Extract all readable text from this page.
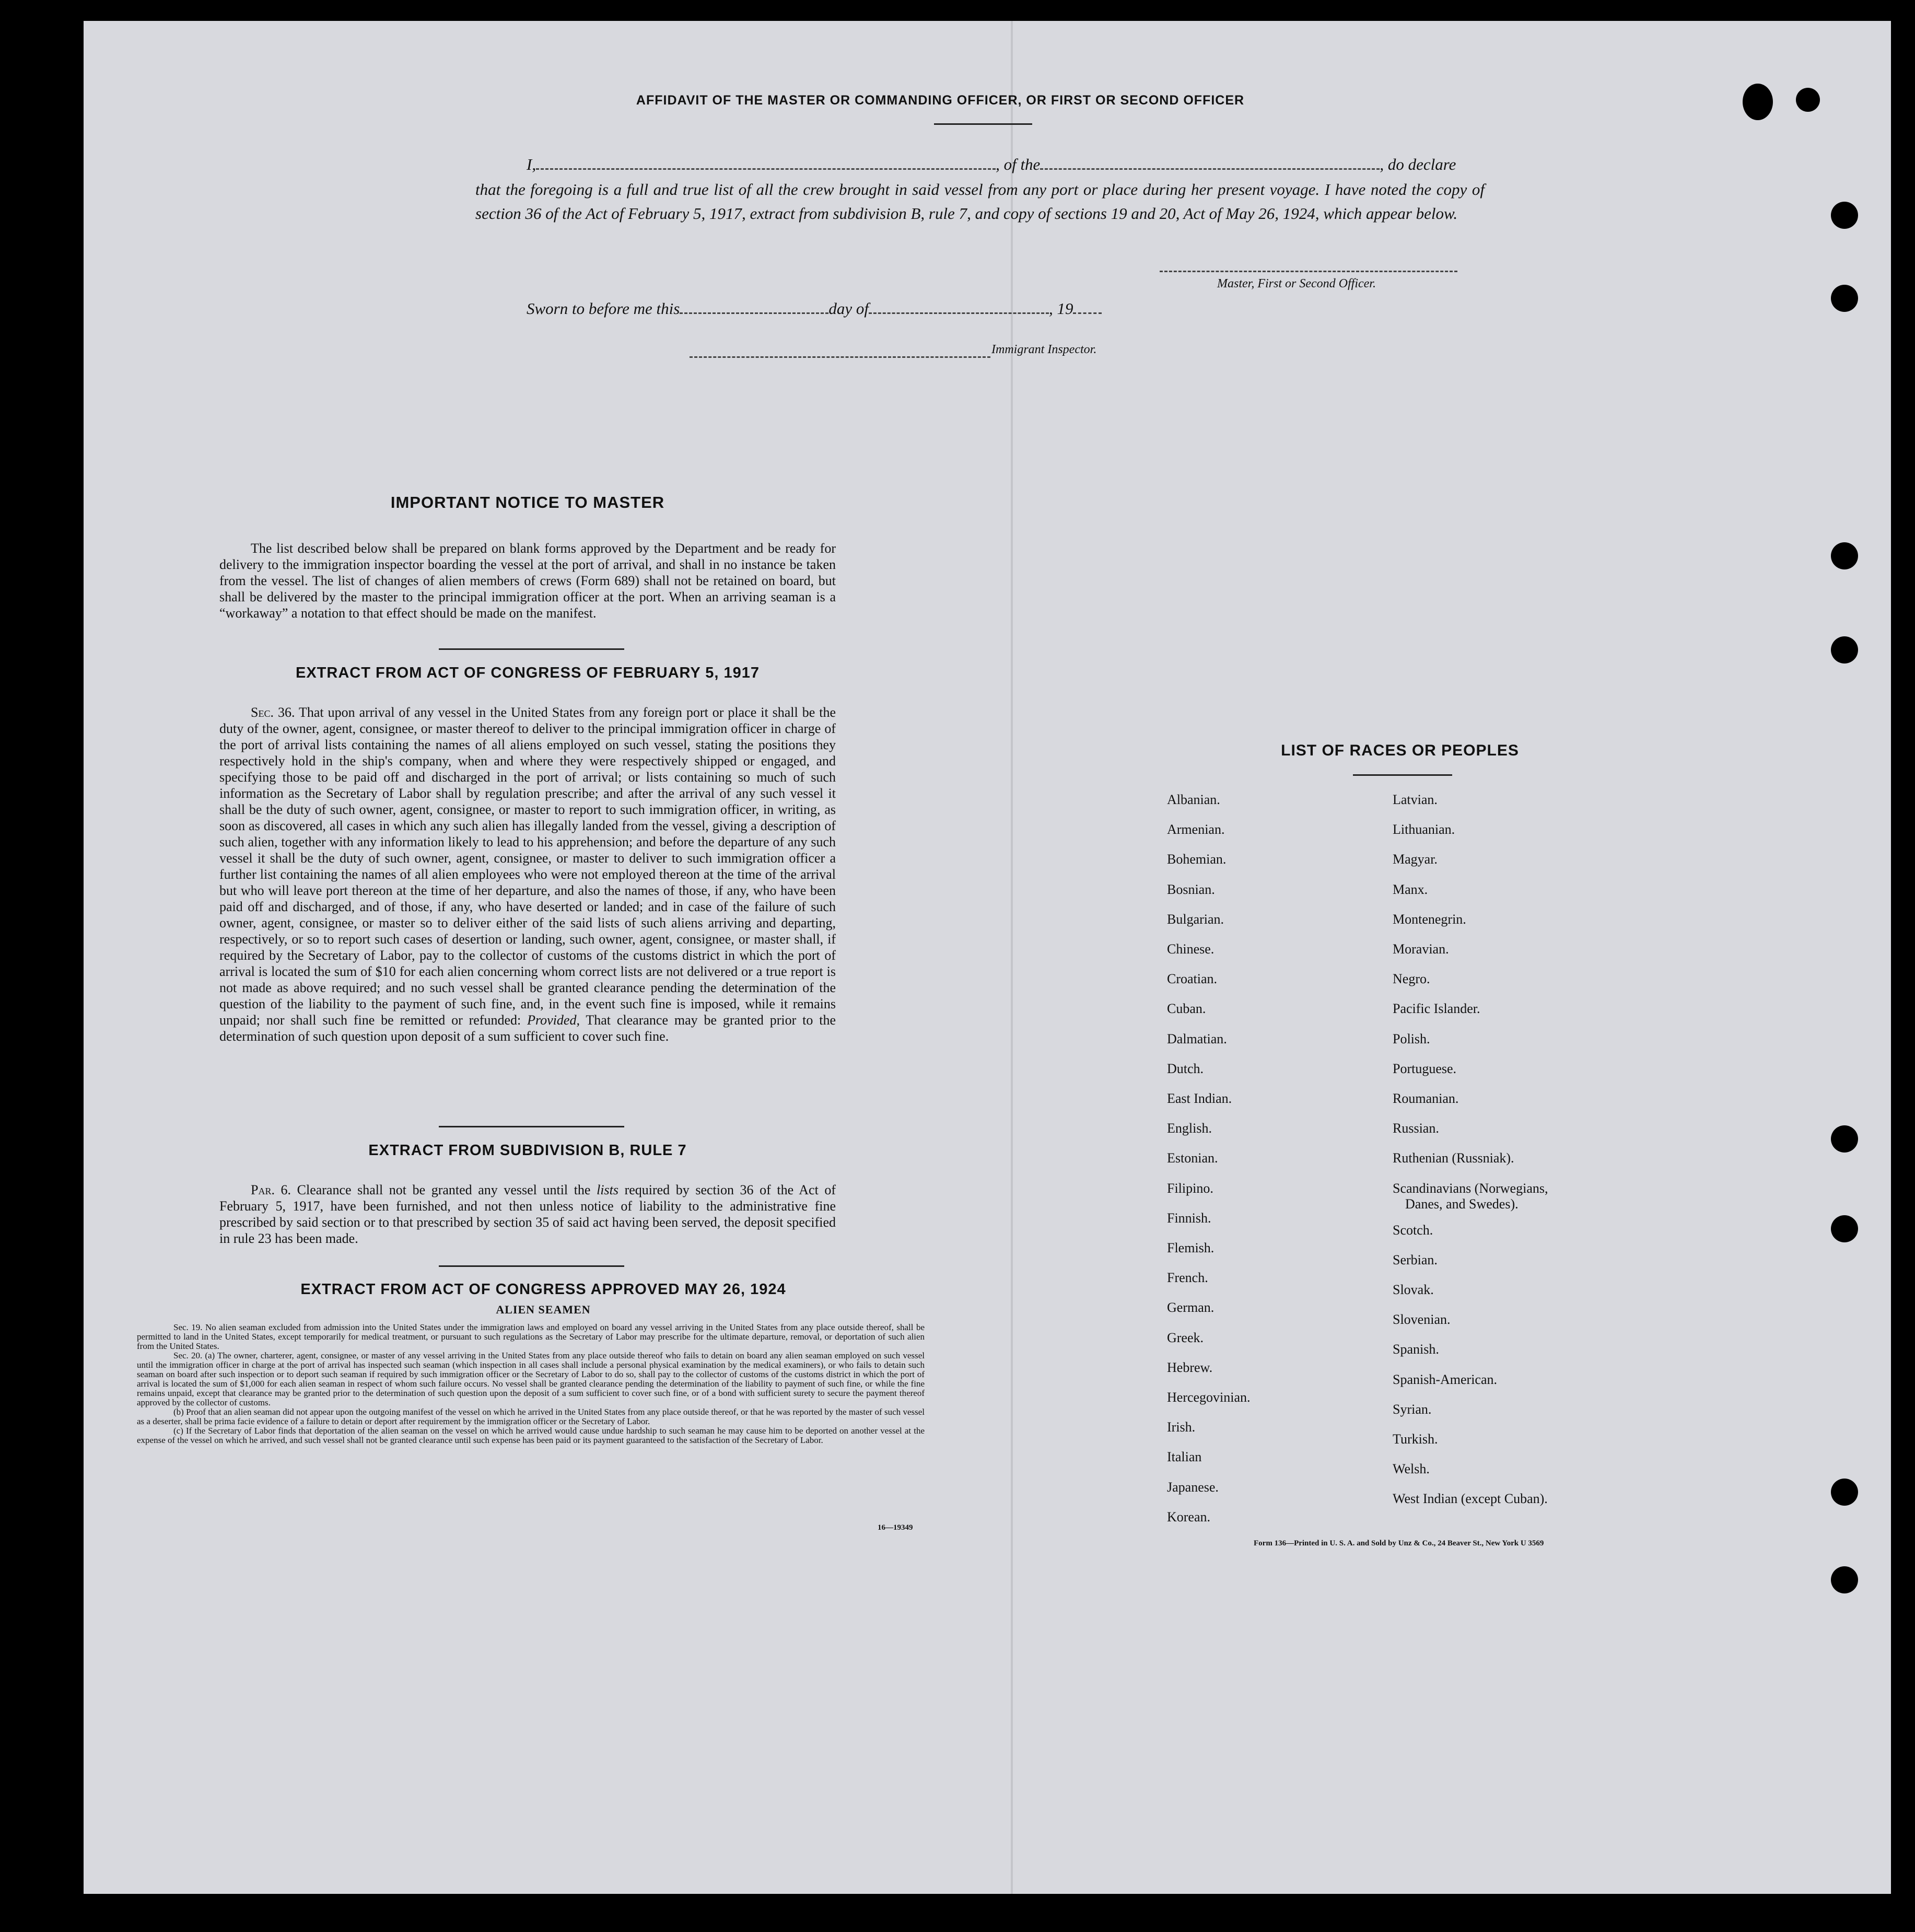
AFFIDAVIT OF THE MASTER OR COMMANDING OFFICER, OR FIRST OR SECOND OFFICER
I,	, of the	, do declare
that the foregoing is a full and true list of all the crew brought in said vessel from any port or place during her present voyage. I have noted the copy of section 36 of the Act of February 5, 1917, extract from subdivision B, rule 7, and copy of sections 19 and 20, Act of May 26, 1924, which appear below.
Master, First or Second Officer.
Sworn to before me this	day of	, 19
Immigrant Inspector.
IMPORTANT NOTICE TO MASTER
The list described below shall be prepared on blank forms approved by the Department and be ready for delivery to the immigration inspector boarding the vessel at the port of arrival, and shall in no instance be taken from the vessel. The list of changes of alien members of crews (Form 689) shall not be retained on board, but shall be delivered by the master to the principal immigration officer at the port. When an arriving seaman is a “workaway” a notation to that effect should be made on the manifest.
EXTRACT FROM ACT OF CONGRESS OF FEBRUARY 5, 1917
Sec. 36. That upon arrival of any vessel in the United States from any foreign port or place it shall be the duty of the owner, agent, consignee, or master thereof to deliver to the principal immigration officer in charge of the port of arrival lists containing the names of all aliens employed on such vessel, stating the positions they respectively hold in the ship's company, when and where they were respectively shipped or engaged, and specifying those to be paid off and discharged in the port of arrival; or lists containing so much of such information as the Secretary of Labor shall by regulation prescribe; and after the arrival of any such vessel it shall be the duty of such owner, agent, consignee, or master to report to such immigration officer, in writing, as soon as discovered, all cases in which any such alien has illegally landed from the vessel, giving a description of such alien, together with any information likely to lead to his apprehension; and before the departure of any such vessel it shall be the duty of such owner, agent, consignee, or master to deliver to such immigration officer a further list containing the names of all alien employees who were not employed thereon at the time of the arrival but who will leave port thereon at the time of her departure, and also the names of those, if any, who have been paid off and discharged, and of those, if any, who have deserted or landed; and in case of the failure of such owner, agent, consignee, or master so to deliver either of the said lists of such aliens arriving and departing, respectively, or so to report such cases of desertion or landing, such owner, agent, consignee, or master shall, if required by the Secretary of Labor, pay to the collector of customs of the customs district in which the port of arrival is located the sum of $10 for each alien concerning whom correct lists are not delivered or a true report is not made as above required; and no such vessel shall be granted clearance pending the determination of the question of the liability to the payment of such fine, and, in the event such fine is imposed, while it remains unpaid; nor shall such fine be remitted or refunded: Provided, That clearance may be granted prior to the determination of such question upon deposit of a sum sufficient to cover such fine.
EXTRACT FROM SUBDIVISION B, RULE 7
Par. 6. Clearance shall not be granted any vessel until the lists required by section 36 of the Act of February 5, 1917, have been furnished, and not then unless notice of liability to the administrative fine prescribed by said section or to that prescribed by section 35 of said act having been served, the deposit specified in rule 23 has been made.
EXTRACT FROM ACT OF CONGRESS APPROVED MAY 26, 1924
ALIEN SEAMEN
Sec. 19. No alien seaman excluded from admission into the United States under the immigration laws and employed on board any vessel arriving in the United States from any place outside thereof, shall be permitted to land in the United States, except temporarily for medical treatment, or pursuant to such regulations as the Secretary of Labor may prescribe for the ultimate departure, removal, or deportation of such alien from the United States.
Sec. 20. (a) The owner, charterer, agent, consignee, or master of any vessel arriving in the United States from any place outside thereof who fails to detain on board any alien seaman employed on such vessel until the immigration officer in charge at the port of arrival has inspected such seaman (which inspection in all cases shall include a personal physical examination by the medical examiners), or who fails to detain such seaman on board after such inspection or to deport such seaman if required by such immigration officer or the Secretary of Labor to do so, shall pay to the collector of customs of the customs district in which the port of arrival is located the sum of $1,000 for each alien seaman in respect of whom such failure occurs. No vessel shall be granted clearance pending the determination of the liability to payment of such fine, or while the fine remains unpaid, except that clearance may be granted prior to the determination of such question upon the deposit of a sum sufficient to cover such fine, or of a bond with sufficient surety to secure the payment thereof approved by the collector of customs.
(b) Proof that an alien seaman did not appear upon the outgoing manifest of the vessel on which he arrived in the United States from any place outside thereof, or that he was reported by the master of such vessel as a deserter, shall be prima facie evidence of a failure to detain or deport after requirement by the immigration officer or the Secretary of Labor.
(c) If the Secretary of Labor finds that deportation of the alien seaman on the vessel on which he arrived would cause undue hardship to such seaman he may cause him to be deported on another vessel at the expense of the vessel on which he arrived, and such vessel shall not be granted clearance until such expense has been paid or its payment guaranteed to the satisfaction of the Secretary of Labor.
16—19349
LIST OF RACES OR PEOPLES
Albanian.
Armenian.
Bohemian.
Bosnian.
Bulgarian.
Chinese.
Croatian.
Cuban.
Dalmatian.
Dutch.
East Indian.
English.
Estonian.
Filipino.
Finnish.
Flemish.
French.
German.
Greek.
Hebrew.
Hercegovinian.
Irish.
Italian
Japanese.
Korean.
Latvian.
Lithuanian.
Magyar.
Manx.
Montenegrin.
Moravian.
Negro.
Pacific Islander.
Polish.
Portuguese.
Roumanian.
Russian.
Ruthenian (Russniak).
Scandinavians (Norwegians,
Danes, and Swedes).
Scotch.
Serbian.
Slovak.
Slovenian.
Spanish.
Spanish-American.
Syrian.
Turkish.
Welsh.
West Indian (except Cuban).
Form 136—Printed in U. S. A. and Sold by Unz & Co., 24 Beaver St., New York U 3569
